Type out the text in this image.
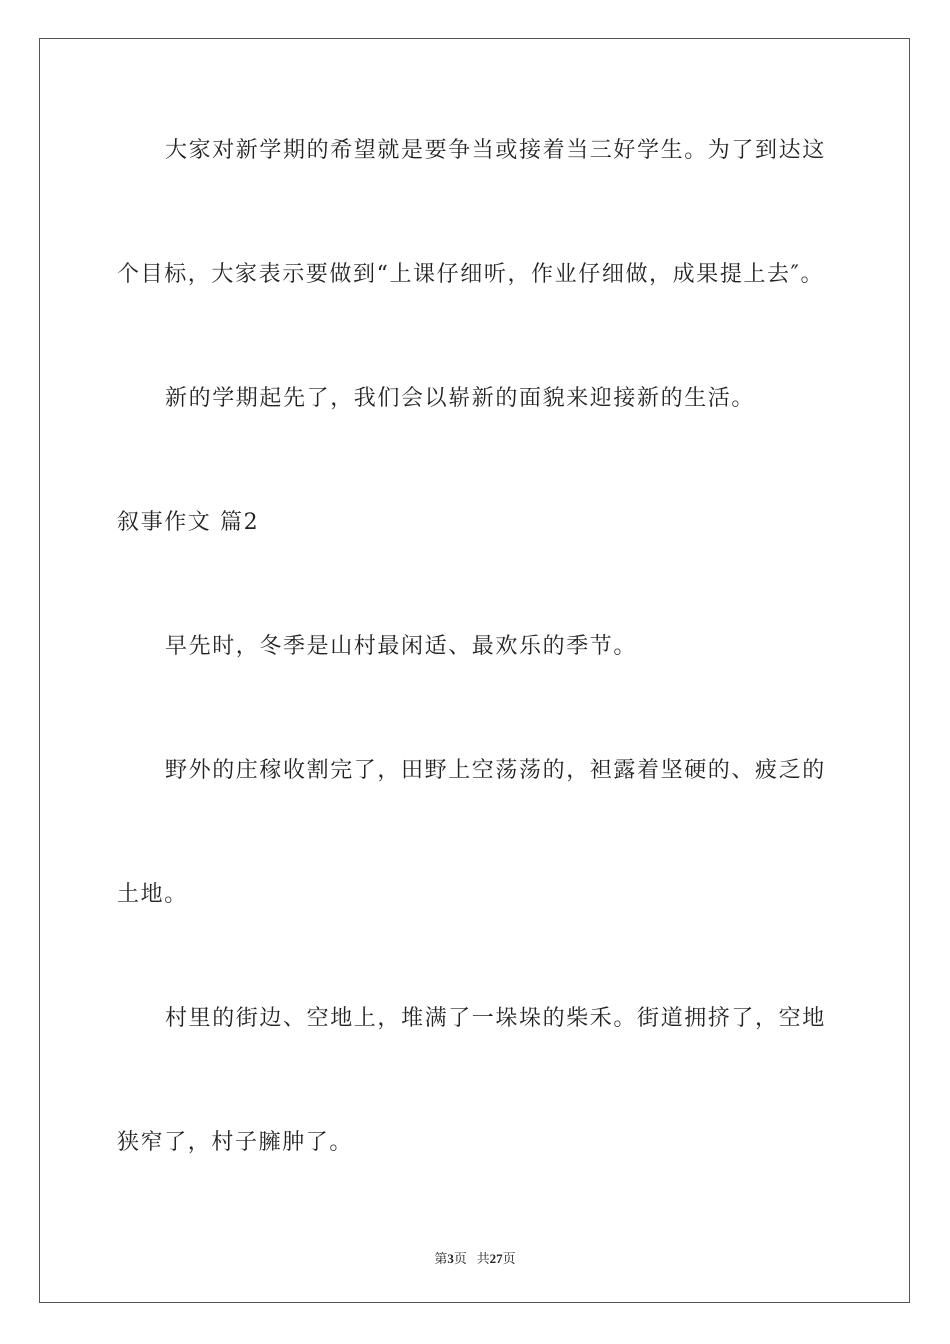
大家对新学期的希望就是要争当或接着当三好学生。为了到达这
个目标，大家表示要做到“上课仔细听，作业仔细做，成果提上去″。
新的学期起先了，我们会以崭新的面貌来迎接新的生活。
叙事作文 篇2
早先时，冬季是山村最闲适、最欢乐的季节。
野外的庄稼收割完了，田野上空荡荡的，袒露着坚硬的、疲乏的
土地。
村里的街边、空地上，堆满了一垛垛的柴禾。街道拥挤了，空地
狭窄了，村子臃肿了。
第3页 共27页
